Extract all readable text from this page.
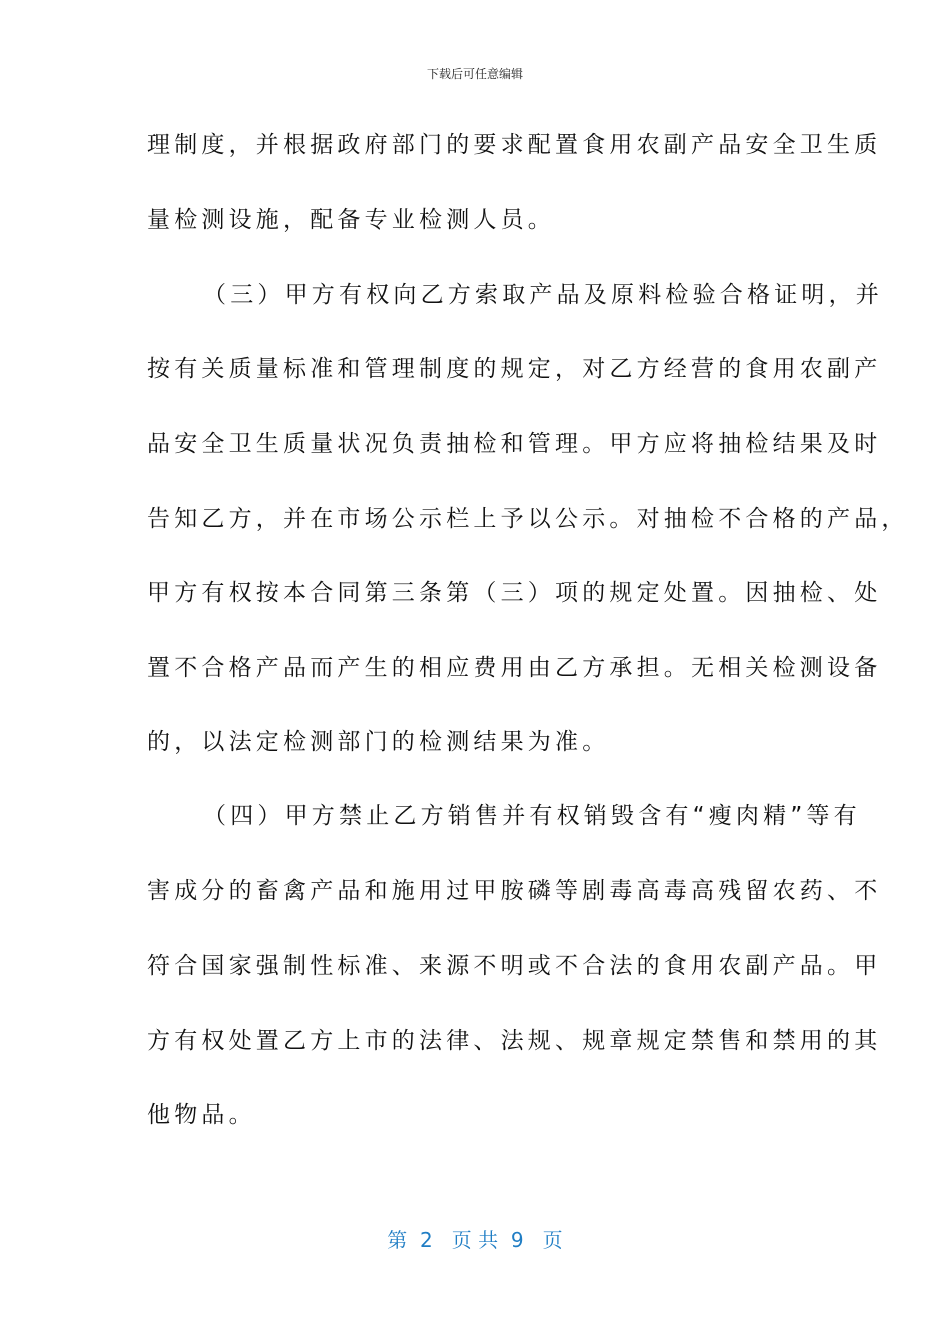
下载后可任意编辑
理制度，并根据政府部门的要求配置食用农副产品安全卫生质
量检测设施，配备专业检测人员。
（三）甲方有权向乙方索取产品及原料检验合格证明，并
按有关质量标准和管理制度的规定，对乙方经营的食用农副产
品安全卫生质量状况负责抽检和管理。甲方应将抽检结果及时
告知乙方，并在市场公示栏上予以公示。对抽检不合格的产品，
甲方有权按本合同第三条第（三）项的规定处置。因抽检、处
置不合格产品而产生的相应费用由乙方承担。无相关检测设备
的，以法定检测部门的检测结果为准。
（四）甲方禁止乙方销售并有权销毁含有“瘦肉精”等有
害成分的畜禽产品和施用过甲胺磷等剧毒高毒高残留农药、不
符合国家强制性标准、来源不明或不合法的食用农副产品。甲
方有权处置乙方上市的法律、法规、规章规定禁售和禁用的其
他物品。
第  2   页 共  9   页
